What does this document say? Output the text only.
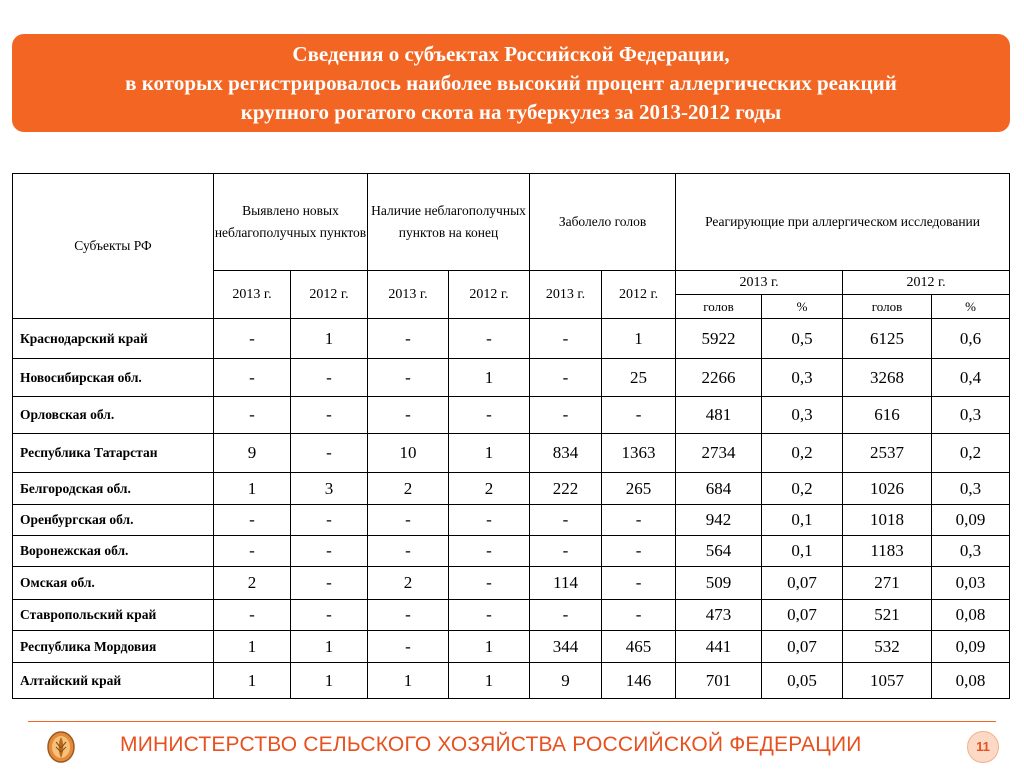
Сведения о субъектах Российской Федерации,
в которых регистрировалось наиболее высокий процент аллергических реакций
крупного рогатого скота на туберкулез за 2013-2012 годы
Субъекты РФ	Выявлено новых неблагополучных пунктов		Наличие неблагополучных пунктов на конец		Заболело голов		Реагирующие при аллергическом исследовании			
	2013 г.	2012 г.	2013 г.	2012 г.	2013 г.	2012 г.	2013 г.		2012 г.	
							голов	%	голов	%
Краснодарский край	-	1	-	-	-	1	5922	0,5	6125	0,6
Новосибирская обл.	-	-	-	1	-	25	2266	0,3	3268	0,4
Орловская обл.	-	-	-	-	-	-	481	0,3	616	0,3
Республика Татарстан	9	-	10	1	834	1363	2734	0,2	2537	0,2
Белгородская обл.	1	3	2	2	222	265	684	0,2	1026	0,3
Оренбургская обл.	-	-	-	-	-	-	942	0,1	1018	0,09
Воронежская обл.	-	-	-	-	-	-	564	0,1	1183	0,3
Омская обл.	2	-	2	-	114	-	509	0,07	271	0,03
Ставропольский край	-	-	-	-	-	-	473	0,07	521	0,08
Республика Мордовия	1	1	-	1	344	465	441	0,07	532	0,09
Алтайский край	1	1	1	1	9	146	701	0,05	1057	0,08
МИНИСТЕРСТВО СЕЛЬСКОГО ХОЗЯЙСТВА РОССИЙСКОЙ ФЕДЕРАЦИИ	11
